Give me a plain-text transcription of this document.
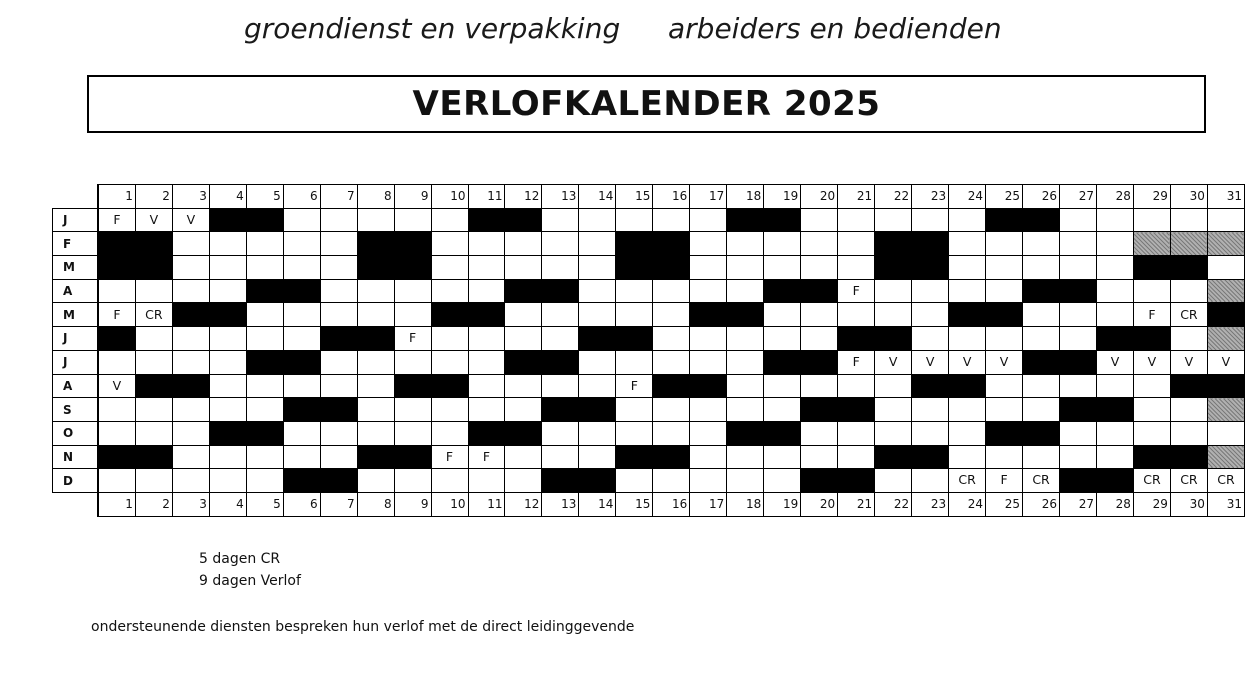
groendienst en verpakking arbeiders en bedienden
VERLOFKALENDER 2025
	1	2	3	4	5	6	7	8	9	10	11	12	13	14	15	16	17	18	19	20	21	22	23	24	25	26	27	28	29	30	31
J	F	V	V																												
F																															
M																															
A																					F										
M	F	CR																											F	CR	
J									F																						
J																					F	V	V	V	V			V	V	V	V
A	V														F																
S																															
O																															
N										F	F																				
D																								CR	F	CR			CR	CR	CR
	1	2	3	4	5	6	7	8	9	10	11	12	13	14	15	16	17	18	19	20	21	22	23	24	25	26	27	28	29	30	31
5 dagen CR
9 dagen Verlof
ondersteunende diensten bespreken hun verlof met de direct leidinggevende
